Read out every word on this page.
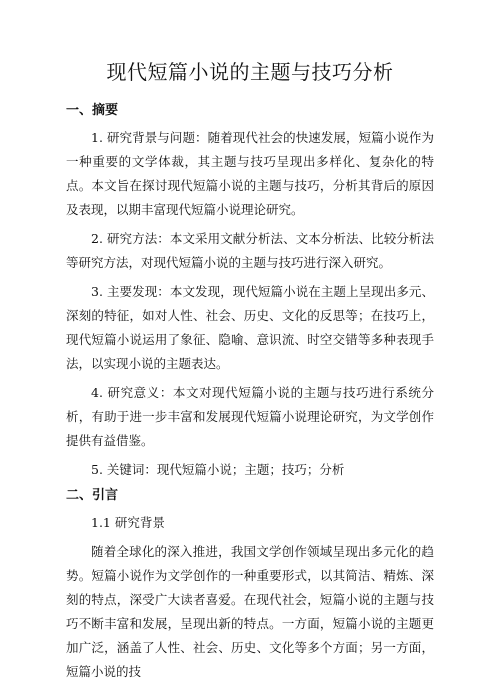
现代短篇小说的主题与技巧分析
一、摘要

1. 研究背景与问题：随着现代社会的快速发展，短篇小说作为一种重要的文学体裁，其主题与技巧呈现出多样化、复杂化的特点。本文旨在探讨现代短篇小说的主题与技巧，分析其背后的原因及表现，以期丰富现代短篇小说理论研究。

2. 研究方法：本文采用文献分析法、文本分析法、比较分析法等研究方法，对现代短篇小说的主题与技巧进行深入研究。

3. 主要发现：本文发现，现代短篇小说在主题上呈现出多元、深刻的特征，如对人性、社会、历史、文化的反思等；在技巧上，现代短篇小说运用了象征、隐喻、意识流、时空交错等多种表现手法，以实现小说的主题表达。

4. 研究意义：本文对现代短篇小说的主题与技巧进行系统分析，有助于进一步丰富和发展现代短篇小说理论研究，为文学创作提供有益借鉴。

5. 关键词：现代短篇小说；主题；技巧；分析

二、引言
1.1 研究背景

随着全球化的深入推进，我国文学创作领域呈现出多元化的趋势。短篇小说作为文学创作的一种重要形式，以其简洁、精炼、深刻的特点，深受广大读者喜爱。在现代社会，短篇小说的主题与技巧不断丰富和发展，呈现出新的特点。一方面，短篇小说的主题更加广泛，涵盖了人性、社会、历史、文化等多个方面；另一方面，短篇小说的技
